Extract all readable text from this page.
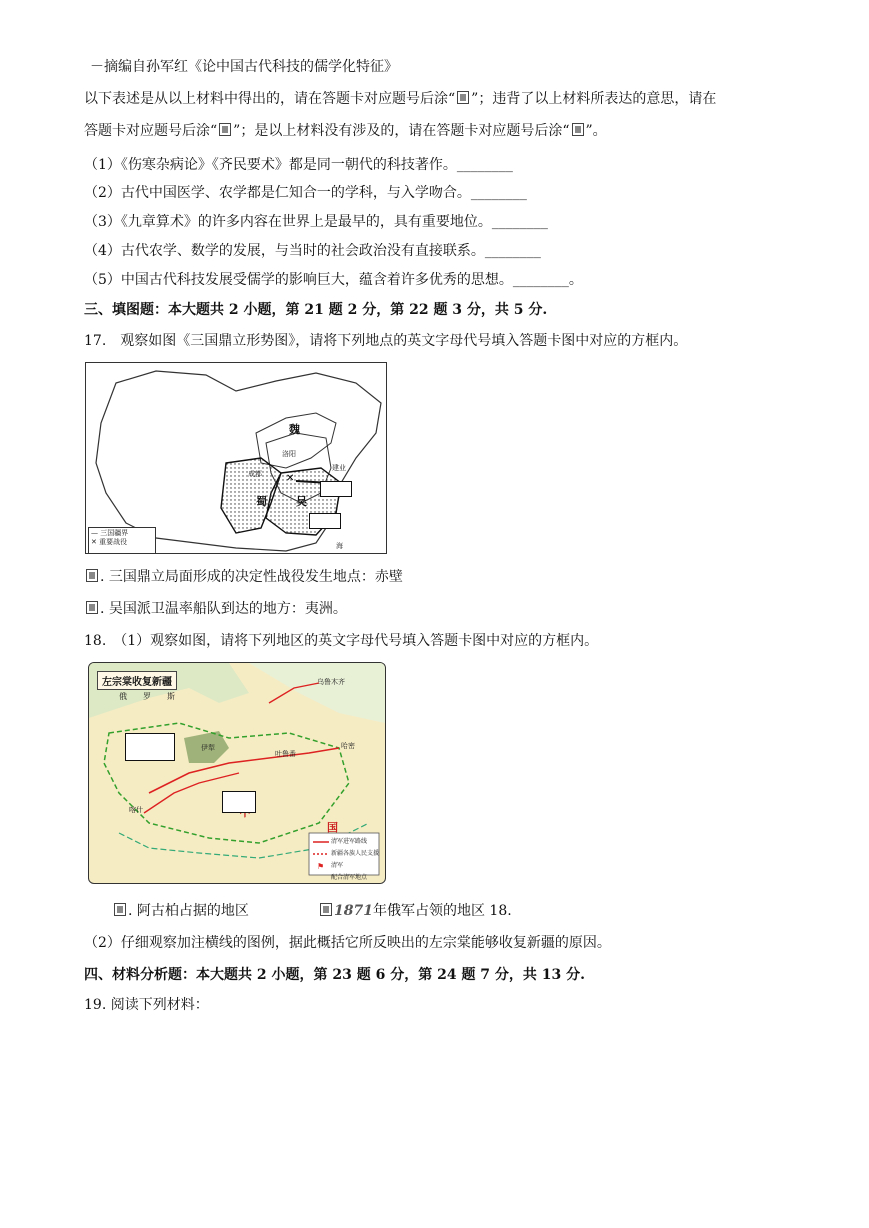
－摘编自孙军红《论中国古代科技的儒学化特征》
以下表述是从以上材料中得出的，请在答题卡对应题号后涂“ ”；违背了以上材料所表达的意思，请在
答题卡对应题号后涂“ ”；是以上材料没有涉及的，请在答题卡对应题号后涂“ ”。
（1）《伤寒杂病论》《齐民要术》都是同一朝代的科技著作。________
（2）古代中国医学、农学都是仁知合一的学科，与入学吻合。________
（3）《九章算术》的许多内容在世界上是最早的，具有重要地位。________
（4）古代农学、数学的发展，与当时的社会政治没有直接联系。________
（5）中国古代科技发展受儒学的影响巨大，蕴含着许多优秀的思想。________。
三、填图题：本大题共 2 小题，第 21 题 2 分，第 22 题 3 分，共 5 分.
17.　观察如图《三国鼎立形势图》，请将下列地点的英文字母代号填入答题卡图中对应的方框内。
✕
魏
蜀	吴
成都
洛阳
建业
海
— 三国疆界
✕ 重要战役
. 三国鼎立局面形成的决定性战役发生地点：赤壁
. 吴国派卫温率船队到达的地方：夷洲。
18.　（1）观察如图，请将下列地区的英文字母代号填入答题卡图中对应的方框内。
⚑
左宗棠收复新疆
俄　　罗　　斯
国
伊犁
乌鲁木齐
喀什
哈密
吐鲁番
清军进军路线
新疆各族人民支援清军
配合清军地点
. 阿古柏占据的地区	1871年俄军占领的地区 18.
（2）仔细观察加注横线的图例，据此概括它所反映出的左宗棠能够收复新疆的原因。
四、材料分析题：本大题共 2 小题，第 23 题 6 分，第 24 题 7 分，共 13 分.
19. 阅读下列材料：
